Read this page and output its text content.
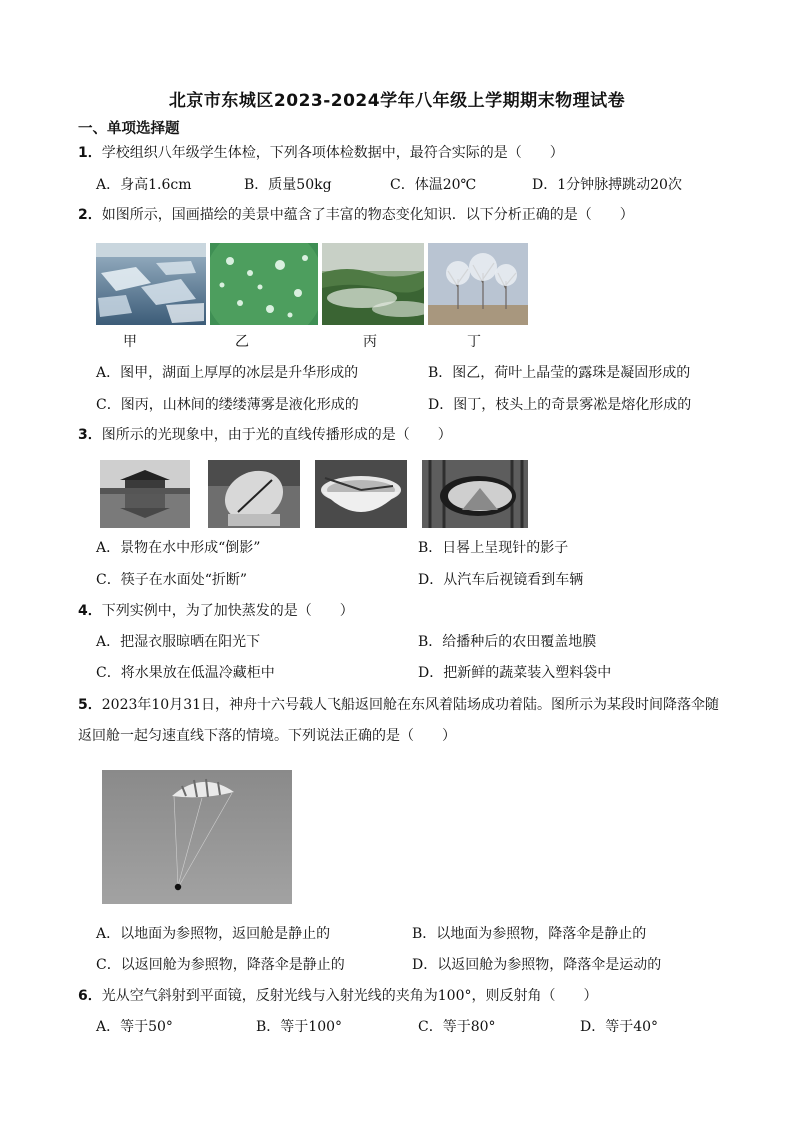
北京市东城区2023-2024学年八年级上学期期末物理试卷
一、单项选择题
1．学校组织八年级学生体检，下列各项体检数据中，最符合实际的是（　　）
A．身高1.6cm	B．质量50kg	C．体温20℃	D．1分钟脉搏跳动20次
2．如图所示，国画描绘的美景中蕴含了丰富的物态变化知识．以下分析正确的是（　　）
甲	乙	丙	丁
A．图甲，湖面上厚厚的冰层是升华形成的	B．图乙，荷叶上晶莹的露珠是凝固形成的
C．图丙，山林间的缕缕薄雾是液化形成的	D．图丁，枝头上的奇景雾凇是熔化形成的
3．图所示的光现象中，由于光的直线传播形成的是（　　）
A．景物在水中形成“倒影”	B．日晷上呈现针的影子
C．筷子在水面处“折断”	D．从汽车后视镜看到车辆
4．下列实例中，为了加快蒸发的是（　　）
A．把湿衣服晾晒在阳光下	B．给播种后的农田覆盖地膜
C．将水果放在低温冷藏柜中	D．把新鲜的蔬菜装入塑料袋中
5．2023年10月31日，神舟十六号载人飞船返回舱在东风着陆场成功着陆。图所示为某段时间降落伞随
返回舱一起匀速直线下落的情境。下列说法正确的是（　　）
A．以地面为参照物，返回舱是静止的	B．以地面为参照物，降落伞是静止的
C．以返回舱为参照物，降落伞是静止的	D．以返回舱为参照物，降落伞是运动的
6．光从空气斜射到平面镜，反射光线与入射光线的夹角为100°，则反射角（　　）
A．等于50°	B．等于100°	C．等于80°	D．等于40°
